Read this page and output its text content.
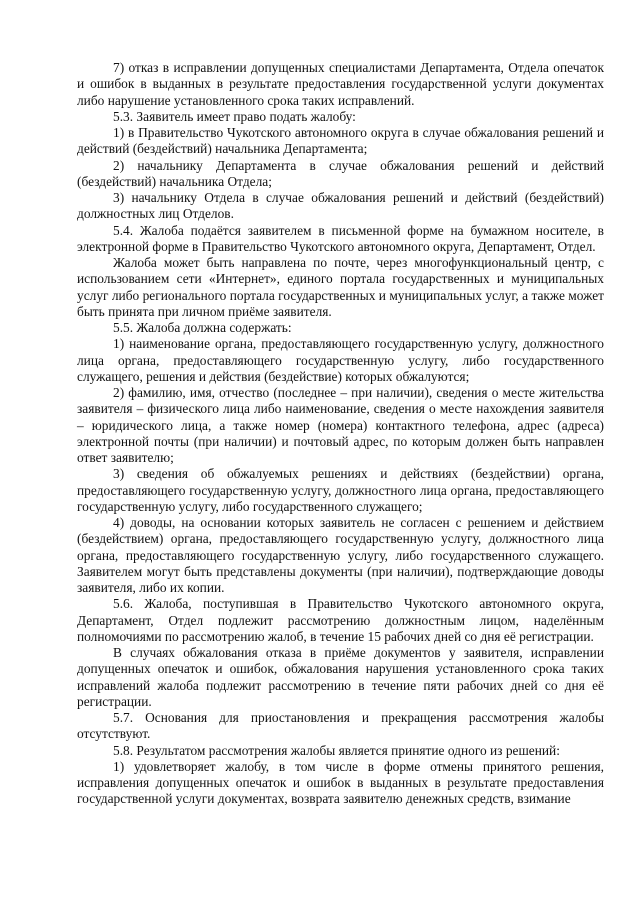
7) отказ в исправлении допущенных специалистами Департамента, Отдела опечаток и ошибок в выданных в результате предоставления государственной услуги документах либо нарушение установленного срока таких исправлений.

5.3. Заявитель имеет право подать жалобу:

1) в Правительство Чукотского автономного округа в случае обжалования решений и действий (бездействий) начальника Департамента;

2) начальнику Департамента в случае обжалования решений и действий (бездействий) начальника Отдела;

3) начальнику Отдела в случае обжалования решений и действий (бездействий) должностных лиц Отделов.

5.4. Жалоба подаётся заявителем в письменной форме на бумажном носителе, в электронной форме в Правительство Чукотского автономного округа, Департамент, Отдел.

Жалоба может быть направлена по почте, через многофункциональный центр, с использованием сети «Интернет», единого портала государственных и муниципальных услуг либо регионального портала государственных и муниципальных услуг, а также может быть принята при личном приёме заявителя.

5.5. Жалоба должна содержать:

1) наименование органа, предоставляющего государственную услугу, должностного лица органа, предоставляющего государственную услугу, либо государственного служащего, решения и действия (бездействие) которых обжалуются;

2) фамилию, имя, отчество (последнее – при наличии), сведения о месте жительства заявителя – физического лица либо наименование, сведения о месте нахождения заявителя – юридического лица, а также номер (номера) контактного телефона, адрес (адреса) электронной почты (при наличии) и почтовый адрес, по которым должен быть направлен ответ заявителю;

3) сведения об обжалуемых решениях и действиях (бездействии) органа, предоставляющего государственную услугу, должностного лица органа, предоставляющего государственную услугу, либо государственного служащего;

4) доводы, на основании которых заявитель не согласен с решением и действием (бездействием) органа, предоставляющего государственную услугу, должностного лица органа, предоставляющего государственную услугу, либо государственного служащего. Заявителем могут быть представлены документы (при наличии), подтверждающие доводы заявителя, либо их копии.

5.6. Жалоба, поступившая в Правительство Чукотского автономного округа, Департамент, Отдел подлежит рассмотрению должностным лицом, наделённым полномочиями по рассмотрению жалоб, в течение 15 рабочих дней со дня её регистрации.

В случаях обжалования отказа в приёме документов у заявителя, исправлении допущенных опечаток и ошибок, обжалования нарушения установленного срока таких исправлений жалоба подлежит рассмотрению в течение пяти рабочих дней со дня её регистрации.

5.7. Основания для приостановления и прекращения рассмотрения жалобы отсутствуют.

5.8. Результатом рассмотрения жалобы является принятие одного из решений:

1) удовлетворяет жалобу, в том числе в форме отмены принятого решения, исправления допущенных опечаток и ошибок в выданных в результате предоставления государственной услуги документах, возврата заявителю денежных средств, взимание
